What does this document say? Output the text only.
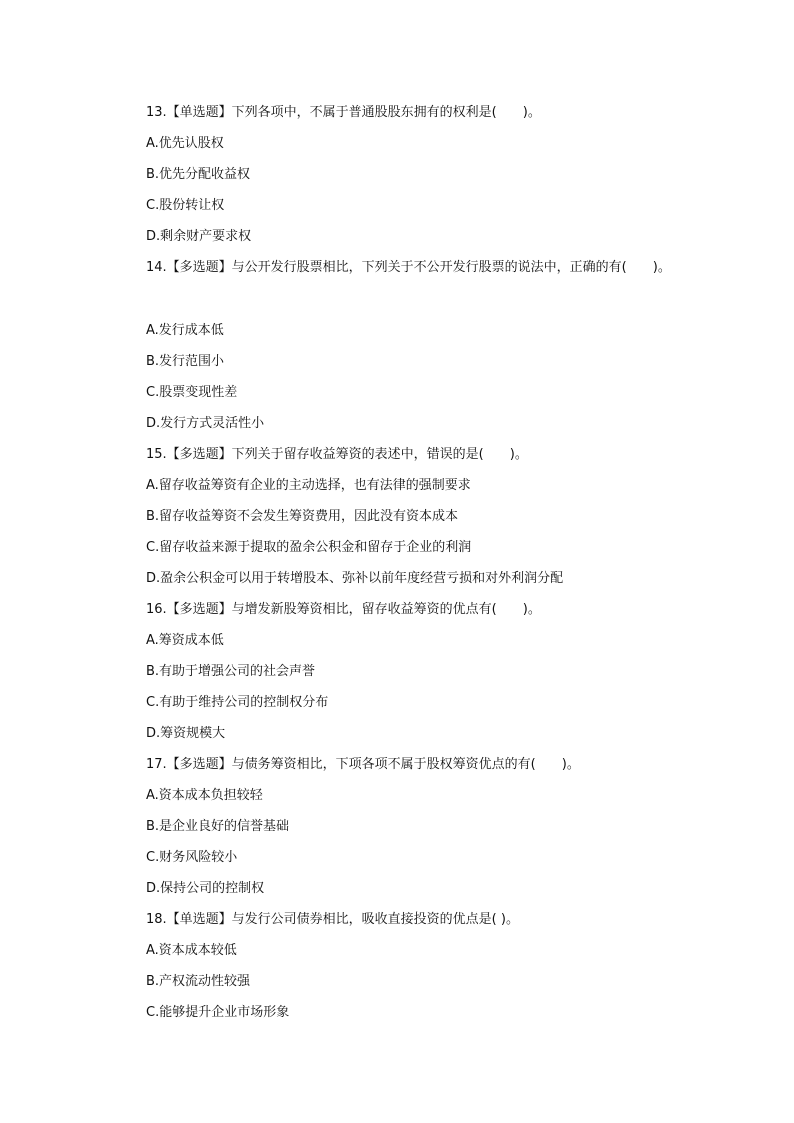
13.【单选题】下列各项中，不属于普通股股东拥有的权利是(　　)。
A.优先认股权
B.优先分配收益权
C.股份转让权
D.剩余财产要求权
14.【多选题】与公开发行股票相比，下列关于不公开发行股票的说法中，正确的有(　　)。
A.发行成本低
B.发行范围小
C.股票变现性差
D.发行方式灵活性小
15.【多选题】下列关于留存收益筹资的表述中，错误的是(　　)。
A.留存收益筹资有企业的主动选择，也有法律的强制要求
B.留存收益筹资不会发生筹资费用，因此没有资本成本
C.留存收益来源于提取的盈余公积金和留存于企业的利润
D.盈余公积金可以用于转增股本、弥补以前年度经营亏损和对外利润分配
16.【多选题】与增发新股筹资相比，留存收益筹资的优点有(　　)。
A.筹资成本低
B.有助于增强公司的社会声誉
C.有助于维持公司的控制权分布
D.筹资规模大
17.【多选题】与债务筹资相比，下项各项不属于股权筹资优点的有(　　)。
A.资本成本负担较轻
B.是企业良好的信誉基础
C.财务风险较小
D.保持公司的控制权
18.【单选题】与发行公司债券相比，吸收直接投资的优点是( )。
A.资本成本较低
B.产权流动性较强
C.能够提升企业市场形象
